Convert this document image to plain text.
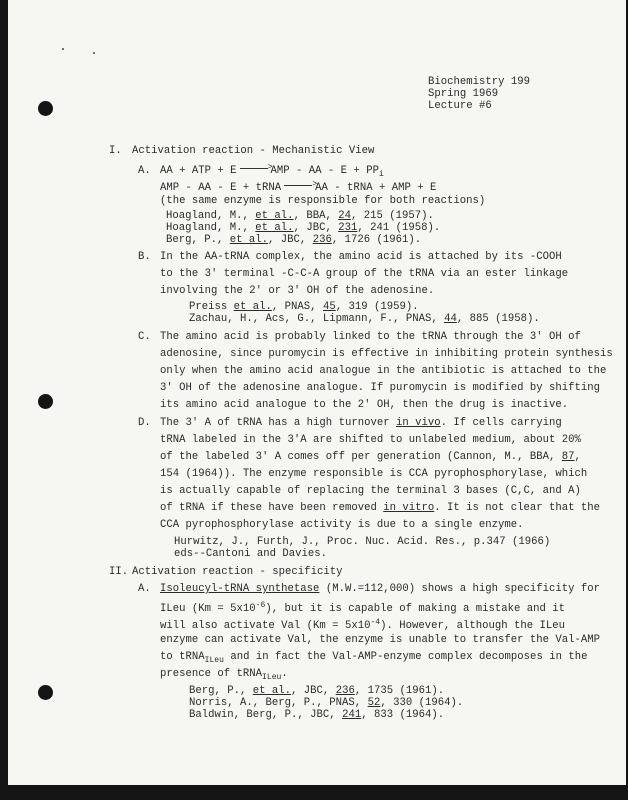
Biochemistry 199
Spring 1969
Lecture #6
I. Activation reaction - Mechanistic View
A. AA + ATP + E >	AMP - AA - $E + PP_i$
AMP - AA - E + tRNA >	AA - tRNA + AMP + E
(the same enzyme is responsible for both reactions)
Hoagland, M., et al., BBA, 24, 215 (1957).
Hoagland, M., et al., JBC, 231, 241 (1958).
Berg, P., et al., JBC, 236, 1726 (1961).
B. In the AA-tRNA complex, the amino acid is attached by its -COOH
to the 3' terminal -C-C-A group of the tRNA via an ester linkage
involving the 2' or 3' OH of the adenosine.
Preiss et al., PNAS, 45, 319 (1959).
Zachau, H., Acs, G., Lipmann, F., PNAS, 44, 885 (1958).
C. The amino acid is probably linked to the tRNA through the 3' OH of
adenosine, since puromycin is effective in inhibiting protein synthesis
only when the amino acid analogue in the antibiotic is attached to the
3' OH of the adenosine analogue. If puromycin is modified by shifting
its amino acid analogue to the 2' OH, then the drug is inactive.
D. The 3' A of tRNA has a high turnover in vivo. If cells carrying
tRNA labeled in the 3'A are shifted to unlabeled medium, about 20%
of the labeled 3' A comes off per generation (Cannon, M., BBA, 87,
154 (1964)). The enzyme responsible is CCA pyrophosphorylase, which
is actually capable of replacing the terminal 3 bases (C,C, and A)
of tRNA if these have been removed in vitro. It is not clear that the
CCA pyrophosphorylase activity is due to a single enzyme.
Hurwitz, J., Furth, J., Proc. Nuc. Acid. Res., p.347 (1966)
eds--Cantoni and Davies.
II. Activation reaction - specificity
A. Isoleucyl-tRNA synthetase (M.W.=112,000) shows a high specificity for
ILeu $(Km = 5x10^{-6})$, but it is capable of making a mistake and it
will also activate Val $(Km = 5x10^{-4})$. However, although the ILeu
enzyme can activate Val, the enzyme is unable to transfer the Val-AMP
to tRNA$_{ILeu}$ and in fact the Val-AMP-enzyme complex decomposes in the
presence of tRNA$_{ILeu}$.
Berg, P., et al., JBC, 236, 1735 (1961).
Norris, A., Berg, P., PNAS, 52, 330 (1964).
Baldwin, Berg, P., JBC, 241, 833 (1964).
